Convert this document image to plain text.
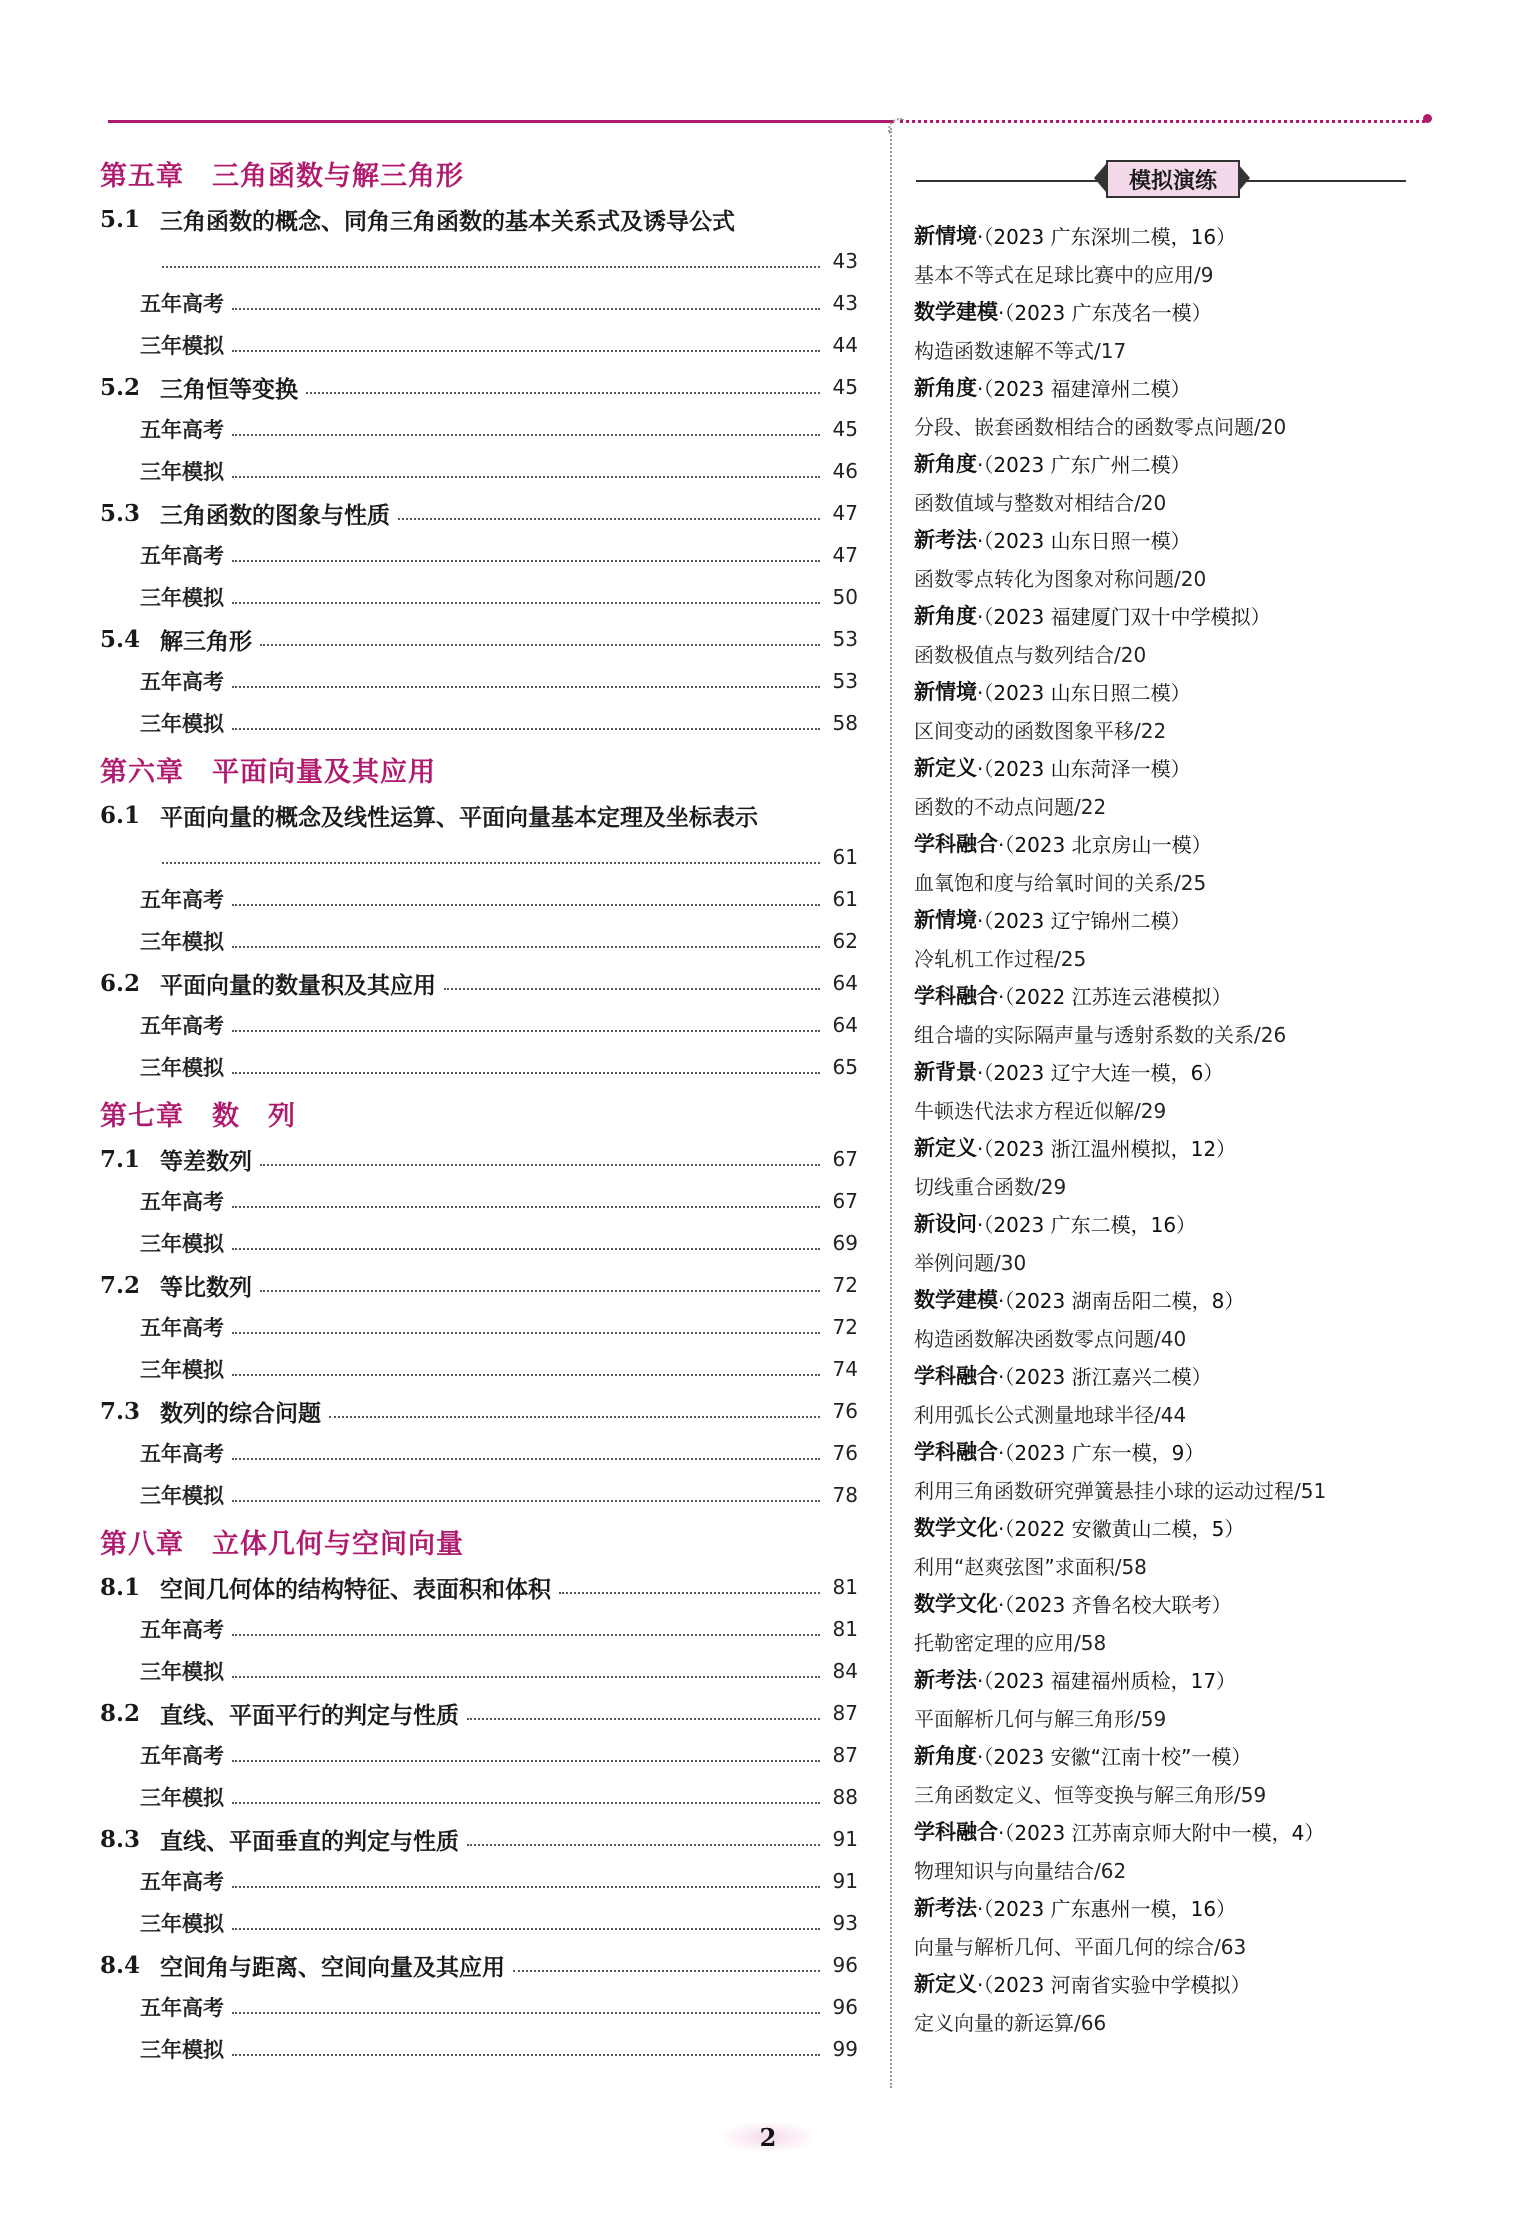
第五章 三角函数与解三角形
5.1 三角函数的概念、同角三角函数的基本关系式及诱导公式
43
五年高考	43
三年模拟	44
5.2 三角恒等变换	45
五年高考	45
三年模拟	46
5.3 三角函数的图象与性质	47
五年高考	47
三年模拟	50
5.4 解三角形	53
五年高考	53
三年模拟	58
第六章 平面向量及其应用
6.1 平面向量的概念及线性运算、平面向量基本定理及坐标表示
61
五年高考	61
三年模拟	62
6.2 平面向量的数量积及其应用	64
五年高考	64
三年模拟	65
第七章 数　列
7.1 等差数列	67
五年高考	67
三年模拟	69
7.2 等比数列	72
五年高考	72
三年模拟	74
7.3 数列的综合问题	76
五年高考	76
三年模拟	78
第八章 立体几何与空间向量
8.1 空间几何体的结构特征、表面积和体积	81
五年高考	81
三年模拟	84
8.2 直线、平面平行的判定与性质	87
五年高考	87
三年模拟	88
8.3 直线、平面垂直的判定与性质	91
五年高考	91
三年模拟	93
8.4 空间角与距离、空间向量及其应用	96
五年高考	96
三年模拟	99
模拟演练
新情境 ·（2023 广东深圳二模，16）
基本不等式在足球比赛中的应用/9
数学建模 ·（2023 广东茂名一模）
构造函数速解不等式/17
新角度 ·（2023 福建漳州二模）
分段、嵌套函数相结合的函数零点问题/20
新角度 ·（2023 广东广州二模）
函数值域与整数对相结合/20
新考法 ·（2023 山东日照一模）
函数零点转化为图象对称问题/20
新角度 ·（2023 福建厦门双十中学模拟）
函数极值点与数列结合/20
新情境 ·（2023 山东日照二模）
区间变动的函数图象平移/22
新定义 ·（2023 山东菏泽一模）
函数的不动点问题/22
学科融合 ·（2023 北京房山一模）
血氧饱和度与给氧时间的关系/25
新情境 ·（2023 辽宁锦州二模）
冷轧机工作过程/25
学科融合 ·（2022 江苏连云港模拟）
组合墙的实际隔声量与透射系数的关系/26
新背景 ·（2023 辽宁大连一模，6）
牛顿迭代法求方程近似解/29
新定义 ·（2023 浙江温州模拟，12）
切线重合函数/29
新设问 ·（2023 广东二模，16）
举例问题/30
数学建模 ·（2023 湖南岳阳二模，8）
构造函数解决函数零点问题/40
学科融合 ·（2023 浙江嘉兴二模）
利用弧长公式测量地球半径/44
学科融合 ·（2023 广东一模，9）
利用三角函数研究弹簧悬挂小球的运动过程/51
数学文化 ·（2022 安徽黄山二模，5）
利用“赵爽弦图”求面积/58
数学文化 ·（2023 齐鲁名校大联考）
托勒密定理的应用/58
新考法 ·（2023 福建福州质检，17）
平面解析几何与解三角形/59
新角度 ·（2023 安徽“江南十校”一模）
三角函数定义、恒等变换与解三角形/59
学科融合 ·（2023 江苏南京师大附中一模，4）
物理知识与向量结合/62
新考法 ·（2023 广东惠州一模，16）
向量与解析几何、平面几何的综合/63
新定义 ·（2023 河南省实验中学模拟）
定义向量的新运算/66
2
